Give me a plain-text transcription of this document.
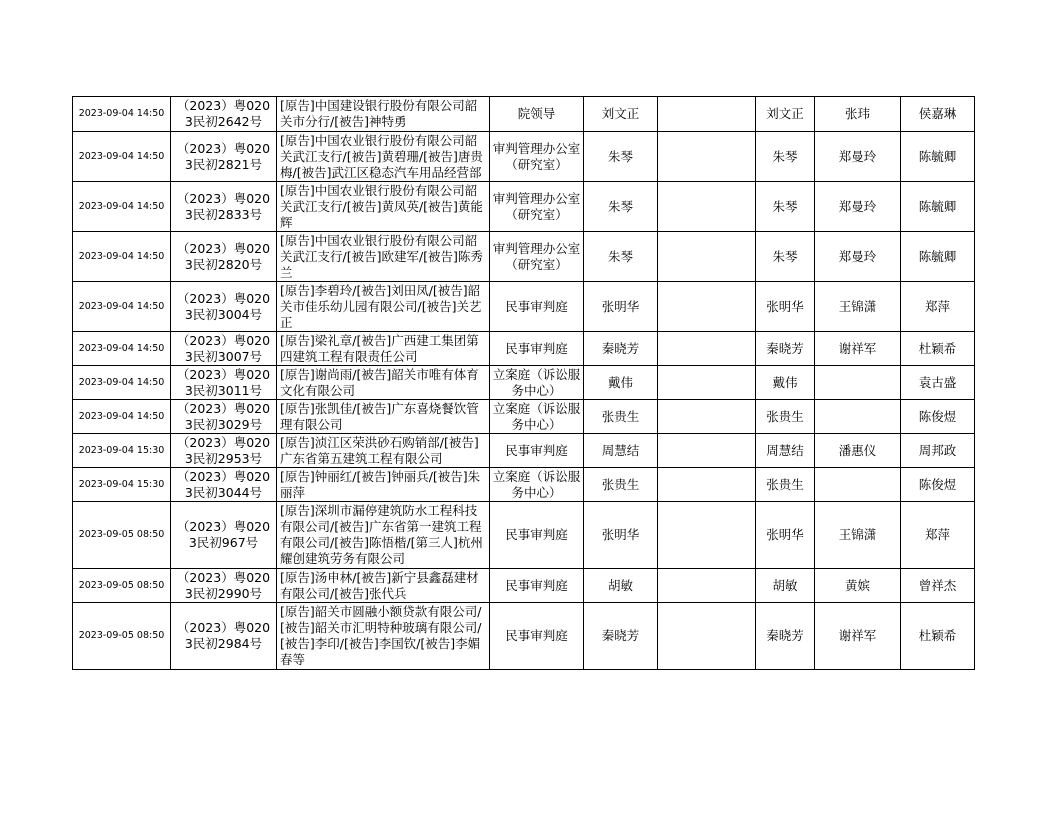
2023-09-04 14:50	（2023）粤0203民初2642号	[原告]中国建设银行股份有限公司韶关市分行/[被告]神特勇	院领导	刘文正		刘文正	张玮	侯嘉琳
2023-09-04 14:50	（2023）粤0203民初2821号	[原告]中国农业银行股份有限公司韶关武江支行/[被告]黄碧珊/[被告]唐贵梅/[被告]武江区稳态汽车用品经营部	审判管理办公室（研究室）	朱琴		朱琴	郑曼玲	陈毓卿
2023-09-04 14:50	（2023）粤0203民初2833号	[原告]中国农业银行股份有限公司韶关武江支行/[被告]黄凤英/[被告]黄能辉	审判管理办公室（研究室）	朱琴		朱琴	郑曼玲	陈毓卿
2023-09-04 14:50	（2023）粤0203民初2820号	[原告]中国农业银行股份有限公司韶关武江支行/[被告]欧建军/[被告]陈秀兰	审判管理办公室（研究室）	朱琴		朱琴	郑曼玲	陈毓卿
2023-09-04 14:50	（2023）粤0203民初3004号	[原告]李碧玲/[被告]刘田凤/[被告]韶关市佳乐幼儿园有限公司/[被告]关艺正	民事审判庭	张明华		张明华	王锦潇	郑萍
2023-09-04 14:50	（2023）粤0203民初3007号	[原告]梁礼章/[被告]广西建工集团第四建筑工程有限责任公司	民事审判庭	秦晓芳		秦晓芳	谢祥军	杜颖希
2023-09-04 14:50	（2023）粤0203民初3011号	[原告]谢尚雨/[被告]韶关市唯有体育文化有限公司	立案庭（诉讼服务中心）	戴伟		戴伟		袁古盛
2023-09-04 14:50	（2023）粤0203民初3029号	[原告]张凯佳/[被告]广东喜烧餐饮管理有限公司	立案庭（诉讼服务中心）	张贵生		张贵生		陈俊煜
2023-09-04 15:30	（2023）粤0203民初2953号	[原告]浈江区荣洪砂石购销部/[被告]广东省第五建筑工程有限公司	民事审判庭	周慧结		周慧结	潘惠仪	周邦政
2023-09-04 15:30	（2023）粤0203民初3044号	[原告]钟丽红/[被告]钟丽兵/[被告]朱丽萍	立案庭（诉讼服务中心）	张贵生		张贵生		陈俊煜
2023-09-05 08:50	（2023）粤0203民初967号	[原告]深圳市漏停建筑防水工程科技有限公司/[被告]广东省第一建筑工程有限公司/[被告]陈悟楷/[第三人]杭州耀创建筑劳务有限公司	民事审判庭	张明华		张明华	王锦潇	郑萍
2023-09-05 08:50	（2023）粤0203民初2990号	[原告]汤申林/[被告]新宁县鑫磊建材有限公司/[被告]张代兵	民事审判庭	胡敏		胡敏	黄嫔	曾祥杰
2023-09-05 08:50	（2023）粤0203民初2984号	[原告]韶关市圆融小额贷款有限公司/[被告]韶关市汇明特种玻璃有限公司/[被告]李印/[被告]李国钦/[被告]李媚春等	民事审判庭	秦晓芳		秦晓芳	谢祥军	杜颖希
